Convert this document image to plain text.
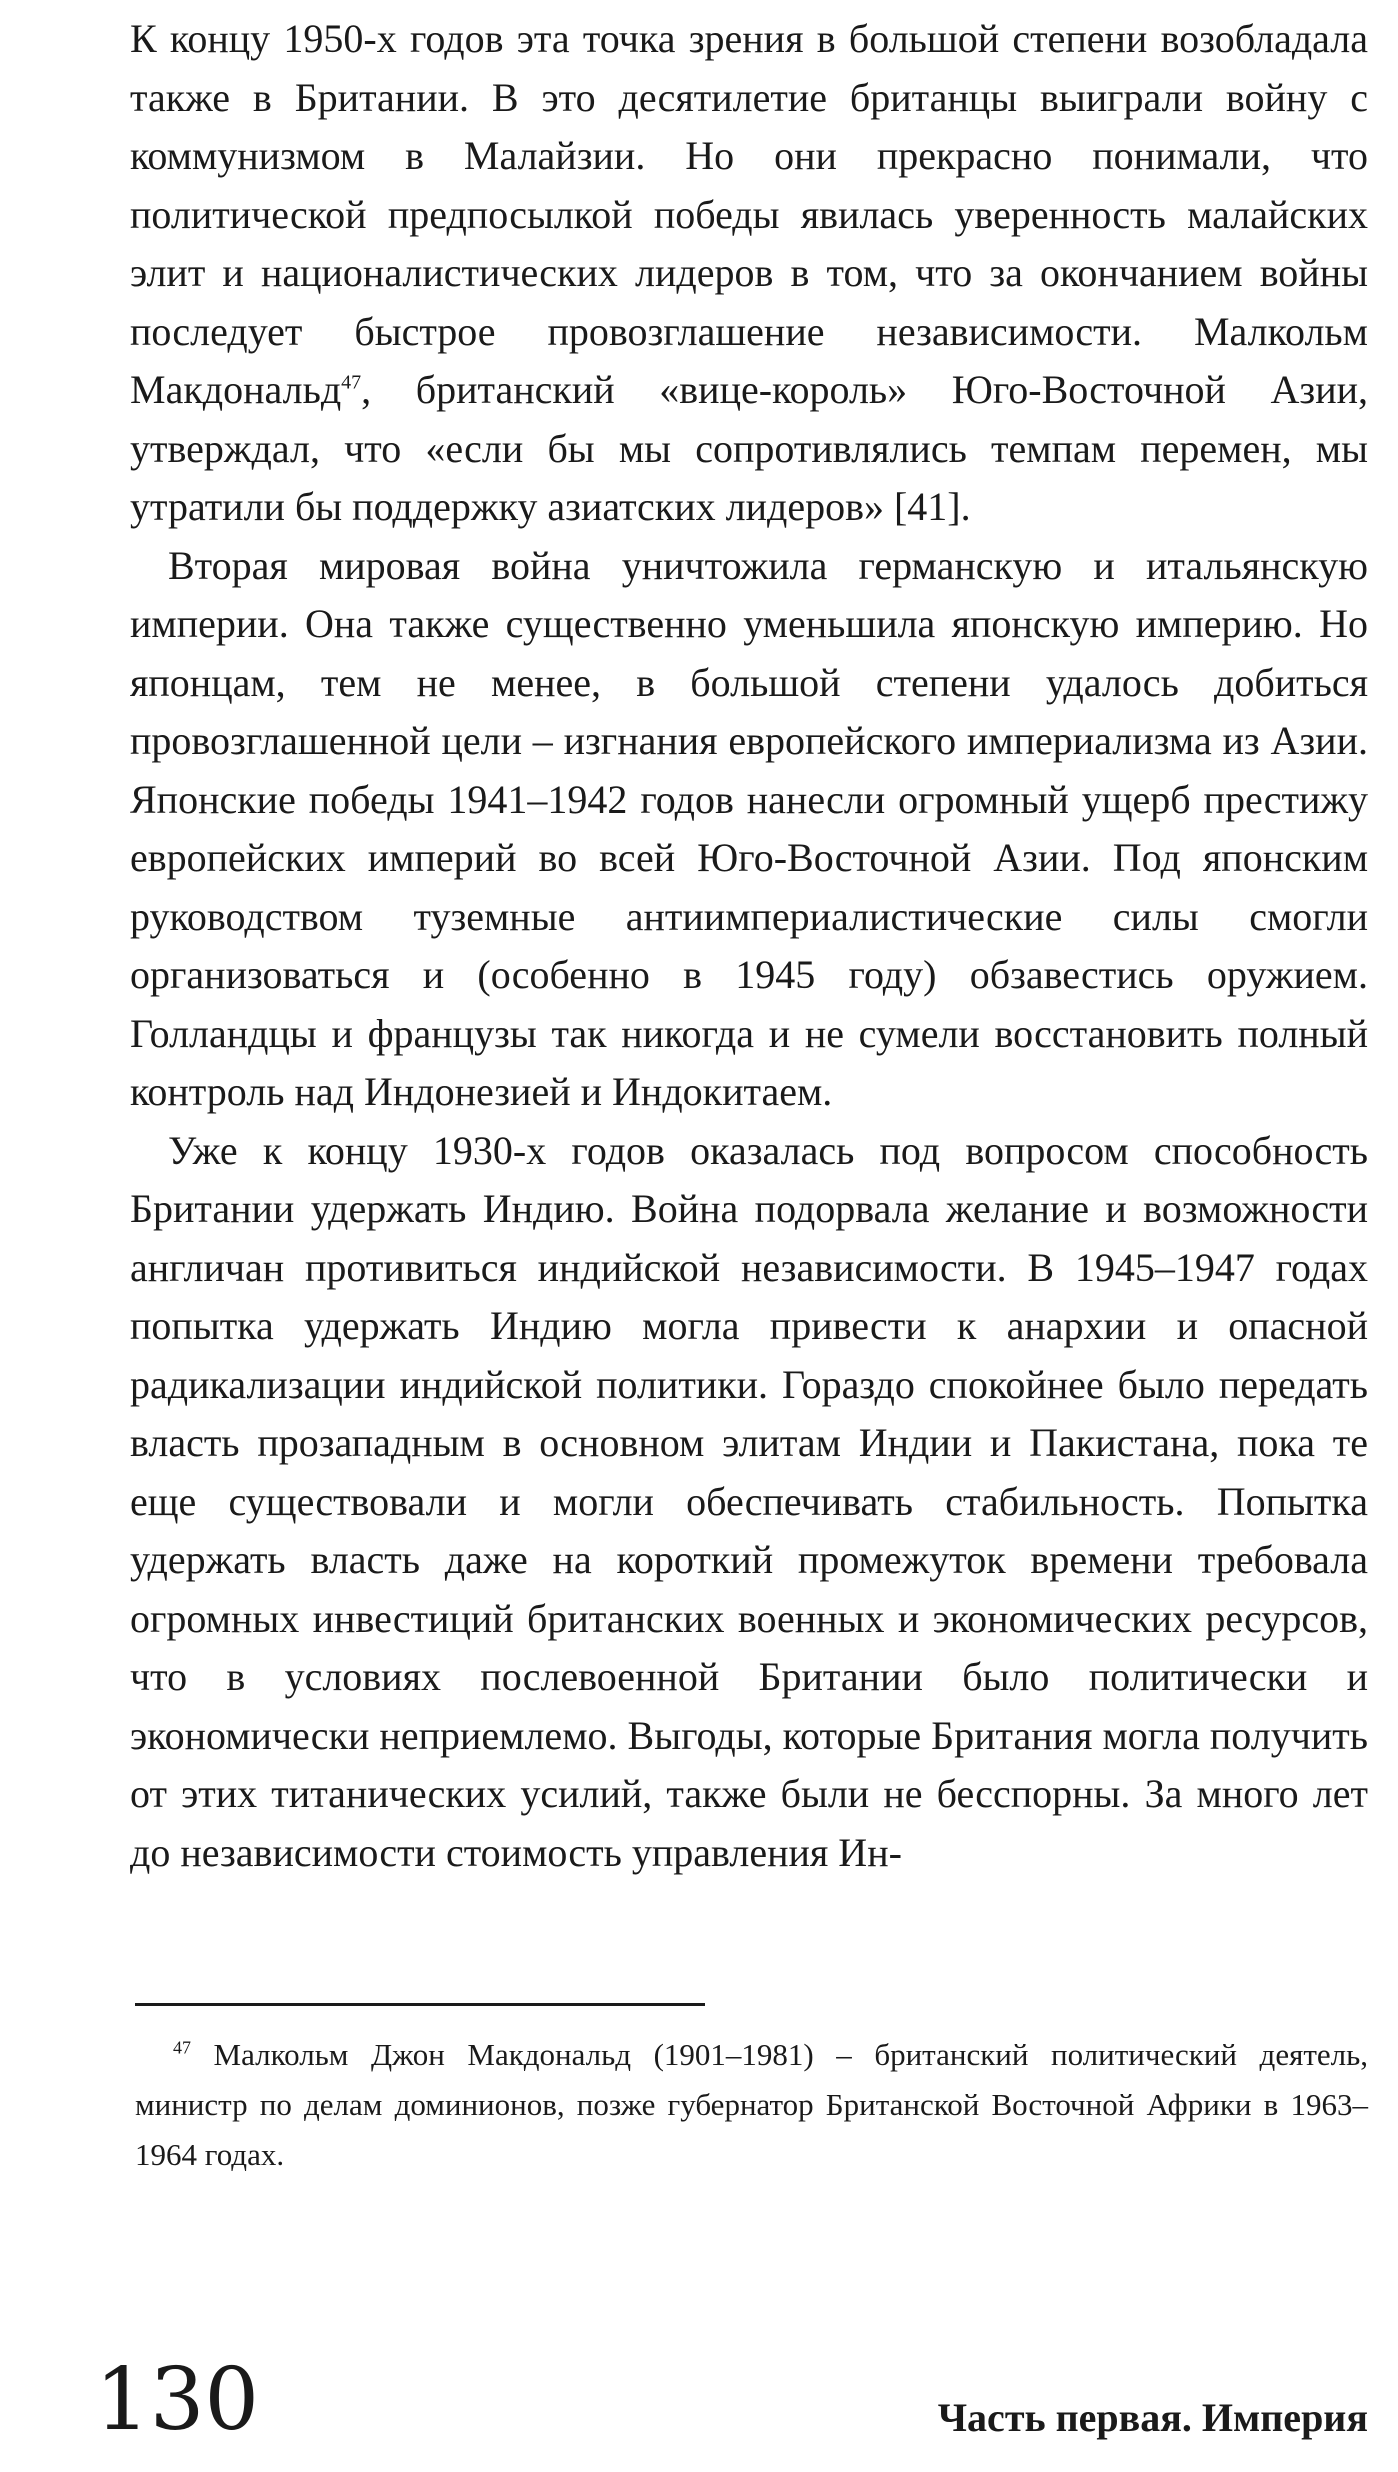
К концу 1950-х годов эта точка зрения в большой степени возобладала также в Британии. В это десятилетие британцы выиграли войну с коммунизмом в Малайзии. Но они прекрасно понимали, что политической предпосылкой победы явилась уверенность малайских элит и националистических лидеров в том, что за окончанием войны последует быстрое провозглашение независимости. Малкольм Макдональд$^{47}$, британский «вице-король» Юго-Восточной Азии, утверждал, что «если бы мы сопротивлялись темпам перемен, мы утратили бы поддержку азиатских лидеров» [41].

Вторая мировая война уничтожила германскую и итальянскую империи. Она также существенно уменьшила японскую империю. Но японцам, тем не менее, в большой степени удалось добиться провозглашенной цели – изгнания европейского империализма из Азии. Японские победы 1941–1942 годов нанесли огромный ущерб престижу европейских империй во всей Юго-Восточной Азии. Под японским руководством туземные антиимпериалистические силы смогли организоваться и (особенно в 1945 году) обзавестись оружием. Голландцы и французы так никогда и не сумели восстановить полный контроль над Индонезией и Индокитаем.

Уже к концу 1930-х годов оказалась под вопросом способность Британии удержать Индию. Война подорвала желание и возможности англичан противиться индийской независимости. В 1945–1947 годах попытка удержать Индию могла привести к анархии и опасной радикализации индийской политики. Гораздо спокойнее было передать власть прозападным в основном элитам Индии и Пакистана, пока те еще существовали и могли обеспечивать стабильность. Попытка удержать власть даже на короткий промежуток времени требовала огромных инвестиций британских военных и экономических ресурсов, что в условиях послевоенной Британии было политически и экономически неприемлемо. Выгоды, которые Британия могла получить от этих титанических усилий, также были не бесспорны. За много лет до независимости стоимость управления Ин-

$^{47}$ Малкольм Джон Макдональд (1901–1981) – британский политический деятель, министр по делам доминионов, позже губернатор Британской Восточной Африки в 1963–1964 годах.
130	Часть первая. Империя
